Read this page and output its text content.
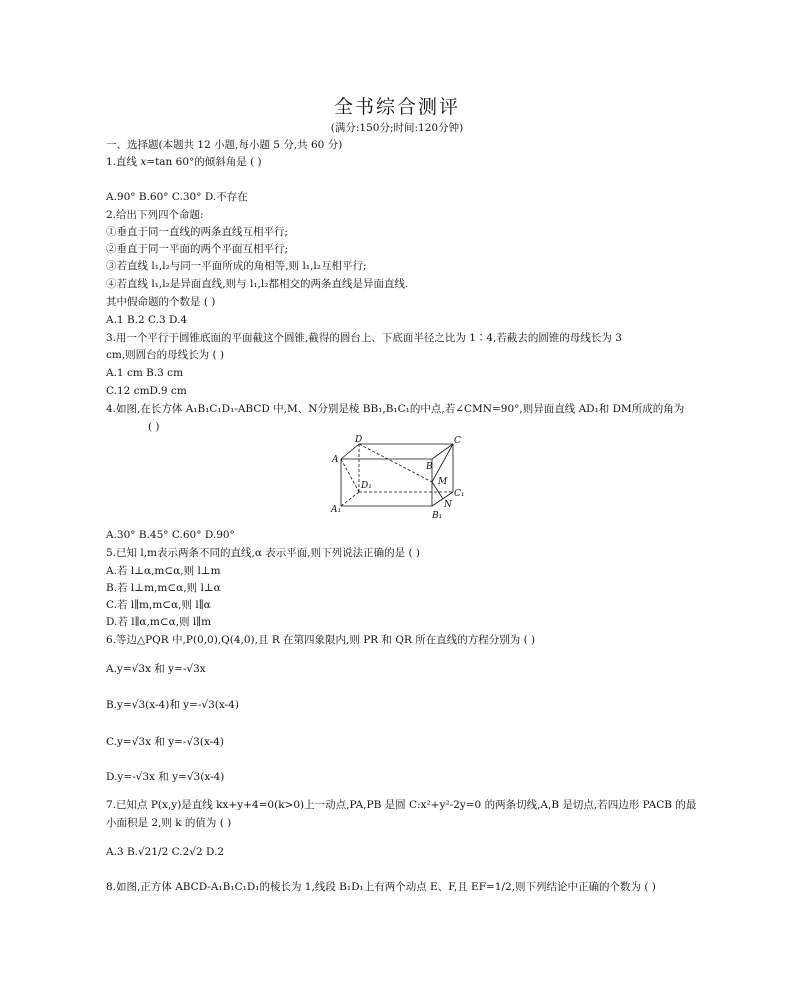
全书综合测评
(满分:150分;时间:120分钟)
一、选择题(本题共 12 小题,每小题 5 分,共 60 分)
1.直线 x=tan 60°的倾斜角是 ( )
A.90° B.60° C.30° D.不存在
2.给出下列四个命题:
①垂直于同一直线的两条直线互相平行;
②垂直于同一平面的两个平面互相平行;
③若直线 l₁,l₂与同一平面所成的角相等,则 l₁,l₂互相平行;
④若直线 l₁,l₂是异面直线,则与 l₁,l₂都相交的两条直线是异面直线.
其中假命题的个数是 ( )
A.1 B.2 C.3 D.4
3.用一个平行于圆锥底面的平面截这个圆锥,截得的圆台上、下底面半径之比为 1∶4,若截去的圆锥的母线长为 3
cm,则圆台的母线长为 ( )
A.1 cm B.3 cm
C.12 cmD.9 cm
4.如图,在长方体 A₁B₁C₁D₁-ABCD 中,M、N分别是棱 BB₁,B₁C₁的中点,若∠CMN=90°,则异面直线 AD₁和 DM所成的角为
( )
D	C
A
B
D₁	M
C₁
A₁
B₁
N
A.30° B.45° C.60° D.90°
5.已知 l,m表示两条不同的直线,α 表示平面,则下列说法正确的是 ( )
A.若 l⊥α,m⊂α,则 l⊥m
B.若 l⊥m,m⊂α,则 l⊥α
C.若 l∥m,m⊂α,则 l∥α
D.若 l∥α,m⊂α,则 l∥m
6.等边△PQR 中,P(0,0),Q(4,0),且 R 在第四象限内,则 PR 和 QR 所在直线的方程分别为 ( )
A.y=√3x 和 y=-√3x
B.y=√3(x-4)和 y=-√3(x-4)
C.y=√3x 和 y=-√3(x-4)
D.y=-√3x 和 y=√3(x-4)
7.已知点 P(x,y)是直线 kx+y+4=0(k>0)上一动点,PA,PB 是圆 C:x²+y²-2y=0 的两条切线,A,B 是切点,若四边形 PACB 的最
小面积是 2,则 k 的值为 ( )
A.3 B.√21/2 C.2√2 D.2
8.如图,正方体 ABCD-A₁B₁C₁D₁的棱长为 1,线段 B₁D₁上有两个动点 E、F,且 EF=1/2,则下列结论中正确的个数为 ( )
